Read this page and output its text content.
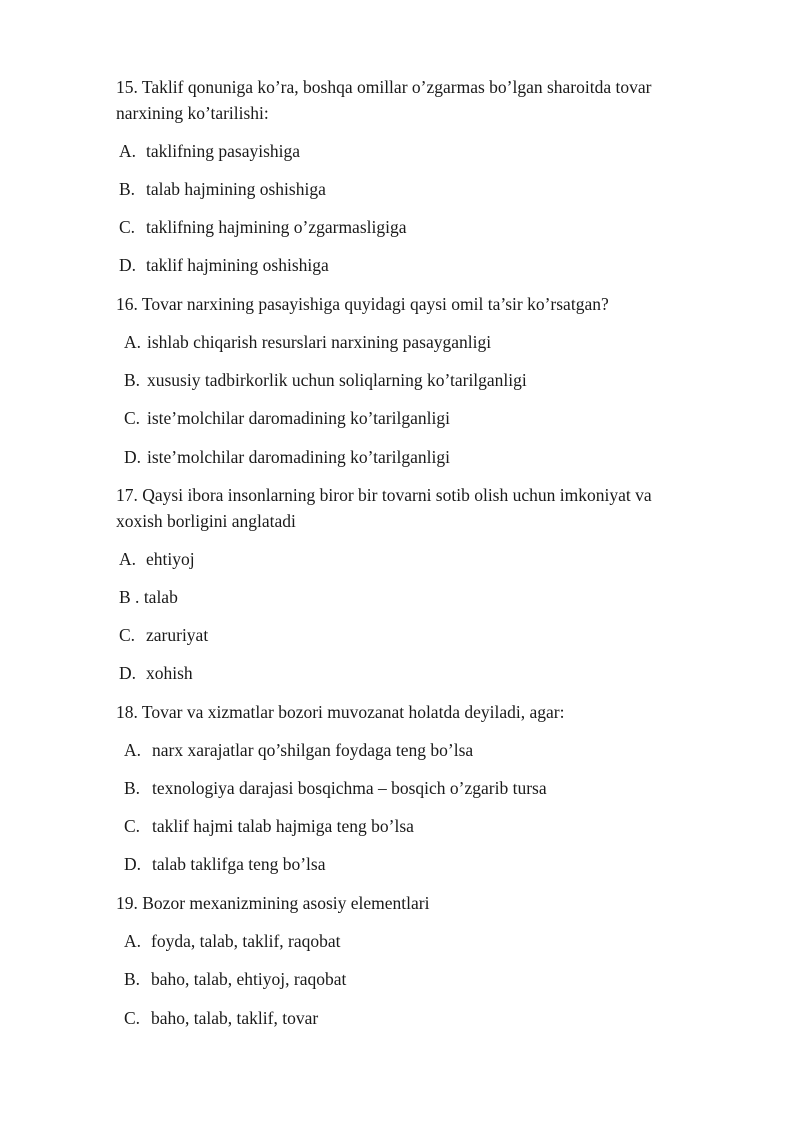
15. Taklif qonuniga ko’ra, boshqa omillar o’zgarmas bo’lgan sharoitda tovar narxining ko’tarilishi:
A. taklifning pasayishiga
B. talab hajmining oshishiga
C. taklifning hajmining o’zgarmasligiga
D. taklif hajmining oshishiga
16. Tovar narxining pasayishiga quyidagi qaysi omil ta’sir ko’rsatgan?
A. ishlab chiqarish resurslari narxining pasayganligi
B. xususiy tadbirkorlik uchun soliqlarning ko’tarilganligi
C. iste’molchilar daromadining ko’tarilganligi
D. iste’molchilar daromadining ko’tarilganligi
17. Qaysi ibora insonlarning biror bir tovarni sotib olish uchun imkoniyat va xoxish borligini anglatadi
A. ehtiyoj
B . talab
C. zaruriyat
D. xohish
18. Tovar va xizmatlar bozori muvozanat holatda deyiladi, agar:
A. narx xarajatlar qo’shilgan foydaga teng bo’lsa
B. texnologiya darajasi bosqichma – bosqich o’zgarib tursa
C. taklif hajmi talab hajmiga teng bo’lsa
D. talab taklifga teng bo’lsa
19. Bozor mexanizmining asosiy elementlari
A. foyda, talab, taklif, raqobat
B. baho, talab, ehtiyoj, raqobat
C. baho, talab, taklif, tovar
